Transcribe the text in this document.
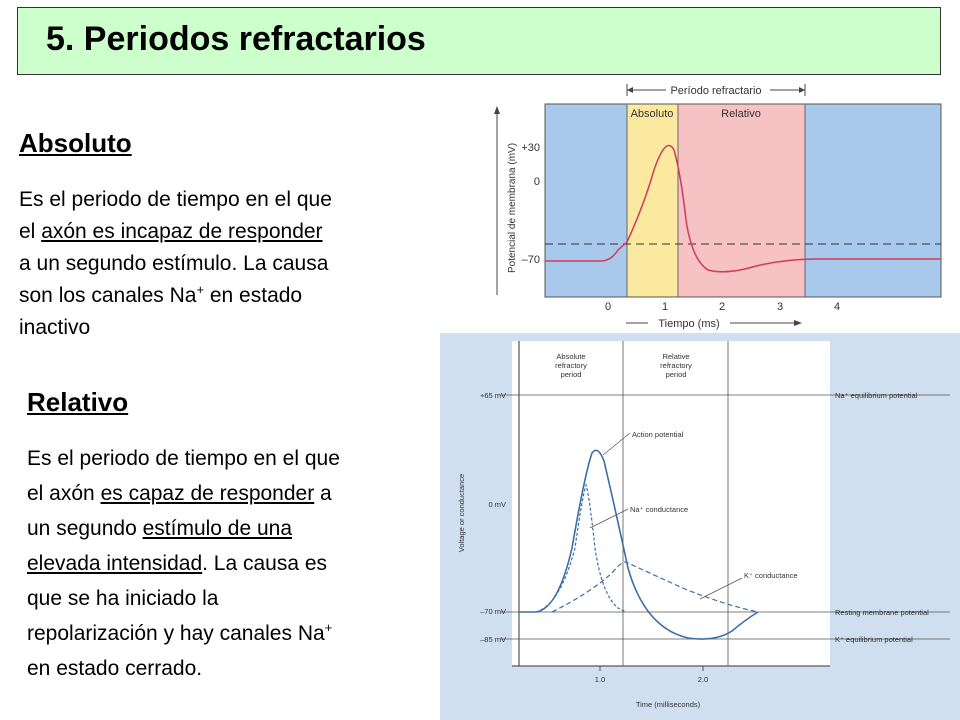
5. Periodos refractarios
Absoluto
Es el periodo de tiempo en el que
el axón es incapaz de responder
a un segundo estímulo. La causa
son los canales Na+ en estado
inactivo
Relativo
Es el periodo de tiempo en el que
el axón es capaz de responder a
un segundo estímulo de una
elevada intensidad. La causa es
que se ha iniciado la
repolarización y hay canales Na+
en estado cerrado.
Período refractario
Absoluto	Relativo
Potencial de membrana (mV) +30
0
–70
0	1	2	3	4
Tiempo (ms)
Absolute
refractory
period
Relative
refractory
period
+65 mV
0 mV
–70 mV
–85 mV
Voltage or conductance
Na⁺ equilibrium potential
Resting membrane potential
K⁺ equilibrium potential
Action potential
Na⁺ conductance
K⁺ conductance
1.0	2.0
Time (milliseconds)
